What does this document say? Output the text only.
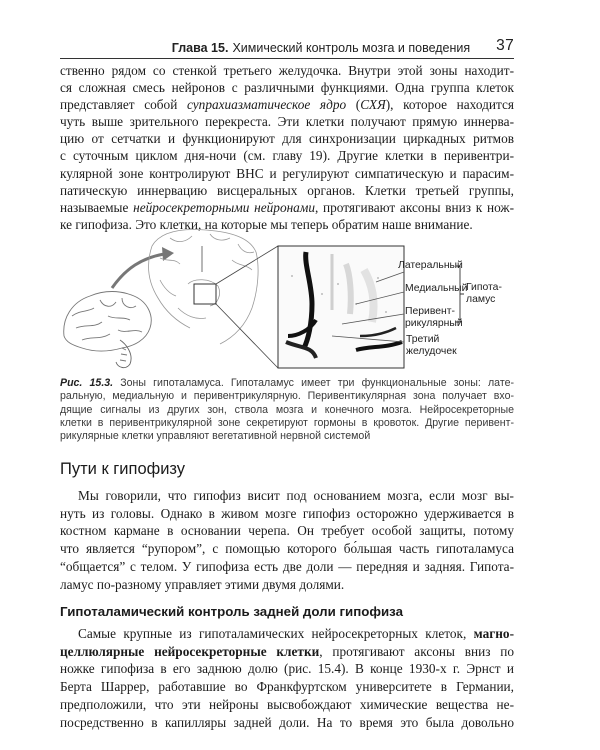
Глава 15. Химический контроль мозга и поведения 37
ственно рядом со стенкой третьего желудочка. Внутри этой зоны находит-
ся сложная смесь нейронов с различными функциями. Одна группа клеток
представляет собой супрахиазматическое ядро (СХЯ), которое находится
чуть выше зрительного перекреста. Эти клетки получают прямую иннерва-
цию от сетчатки и функционируют для синхронизации циркадных ритмов
с суточным циклом дня-ночи (см. главу 19). Другие клетки в перивентри-
кулярной зоне контролируют ВНС и регулируют симпатическую и парасим-
патическую иннервацию висцеральных органов. Клетки третьей группы,
называемые нейросекреторными нейронами, протягивают аксоны вниз к нож-
ке гипофиза. Это клетки, на которые мы теперь обратим наше внимание.
Латеральный
Медиальный
Перивент-
рикулярный
Третий
желудочек
Гипота-
ламус
Рис. 15.3. Зоны гипоталамуса. Гипоталамус имеет три функциональные зоны: лате-
ральную, медиальную и перивентрикулярную. Перивентикулярная зона получает вхо-
дящие сигналы из других зон, ствола мозга и конечного мозга. Нейросекреторные
клетки в перивентрикулярной зоне секретируют гормоны в кровоток. Другие перивент-
рикулярные клетки управляют вегетативной нервной системой
Пути к гипофизу
Мы говорили, что гипофиз висит под основанием мозга, если мозг вы-
нуть из головы. Однако в живом мозге гипофиз осторожно удерживается в
костном кармане в основании черепа. Он требует особой защиты, потому
что является “рупором”, с помощью которого большая часть гипоталамуса
“общается” с телом. У гипофиза есть две доли — передняя и задняя. Гипота-
ламус по-разному управляет этими двумя долями.
Гипоталамический контроль задней доли гипофиза
Самые крупные из гипоталамических нейросекреторных клеток, магно-
целлюлярные нейросекреторные клетки, протягивают аксоны вниз по
ножке гипофиза в его заднюю долю (рис. 15.4). В конце 1930-х г. Эрнст и
Берта Шаррер, работавшие во Франкфуртском университете в Германии,
предположили, что эти нейроны высвобождают химические вещества не-
посредственно в капилляры задней доли. На то время это была довольно
